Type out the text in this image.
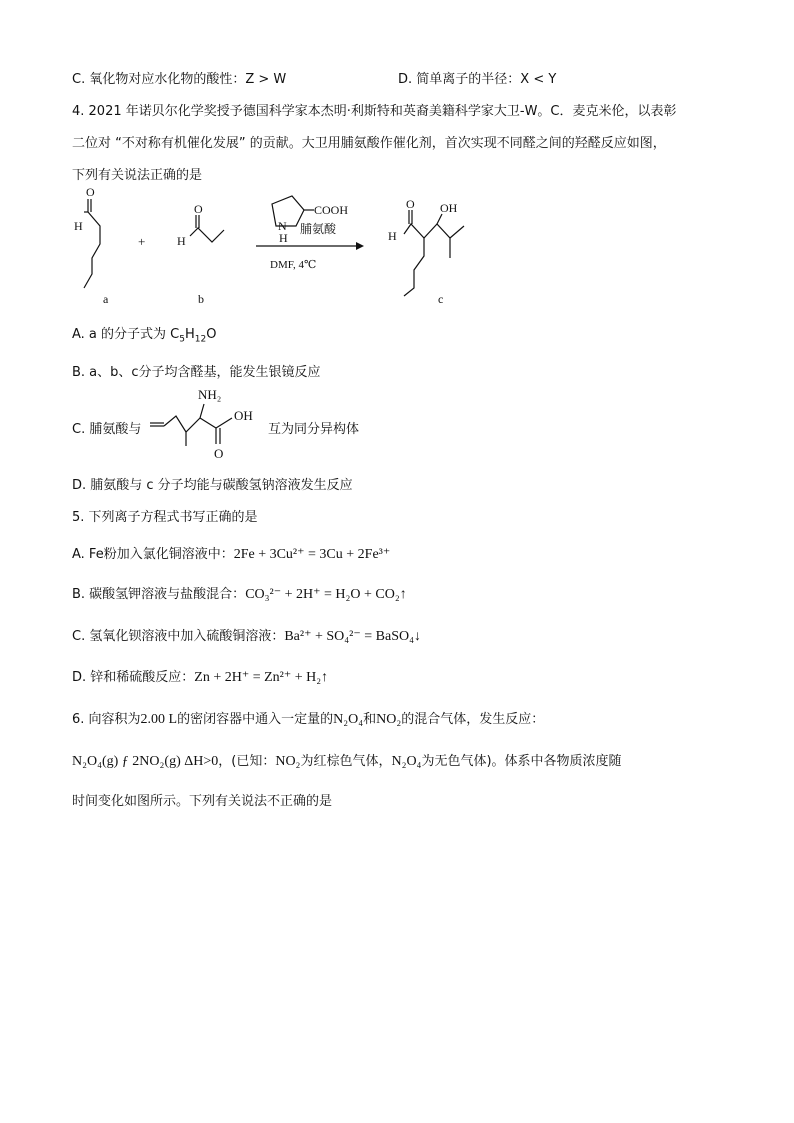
C. 氧化物对应水化物的酸性：Z > W	D. 简单离子的半径：X < Y
4. 2021 年诺贝尔化学奖授予德国科学家本杰明·利斯特和英裔美籍科学家大卫-W。C．麦克米伦，以表彰
二位对 “不对称有机催化发展” 的贡献。大卫用脯氨酸作催化剂，首次实现不同醛之间的羟醛反应如图，
下列有关说法正确的是
O
H
O
H
+
COOH
N
H
DMF, 4℃
O
H
OH
a	b	c
脯氨酸
A. a 的分子式为 $C_5H_{12}O$
B. a、b、c分子均含醛基，能发生银镜反应
C. 脯氨酸与
NH₂
OH
O
互为同分异构体
D. 脯氨酸与 c 分子均能与碳酸氢钠溶液发生反应
5. 下列离子方程式书写正确的是
A. Fe粉加入氯化铜溶液中：2Fe + 3Cu²⁺ = 3Cu + 2Fe³⁺
B. 碳酸氢钾溶液与盐酸混合：CO₃²⁻ + 2H⁺ = H₂O + CO₂↑
C. 氢氧化钡溶液中加入硫酸铜溶液：Ba²⁺ + SO₄²⁻ = BaSO₄↓
D. 锌和稀硫酸反应：Zn + 2H⁺ = Zn²⁺ + H₂↑
6. 向容积为2.00 L的密闭容器中通入一定量的N₂O₄和NO₂的混合气体，发生反应：
N₂O₄(g) ƒ 2NO₂(g) ΔH>0，(已知：NO₂为红棕色气体，N₂O₄为无色气体)。体系中各物质浓度随
时间变化如图所示。下列有关说法不正确的是
